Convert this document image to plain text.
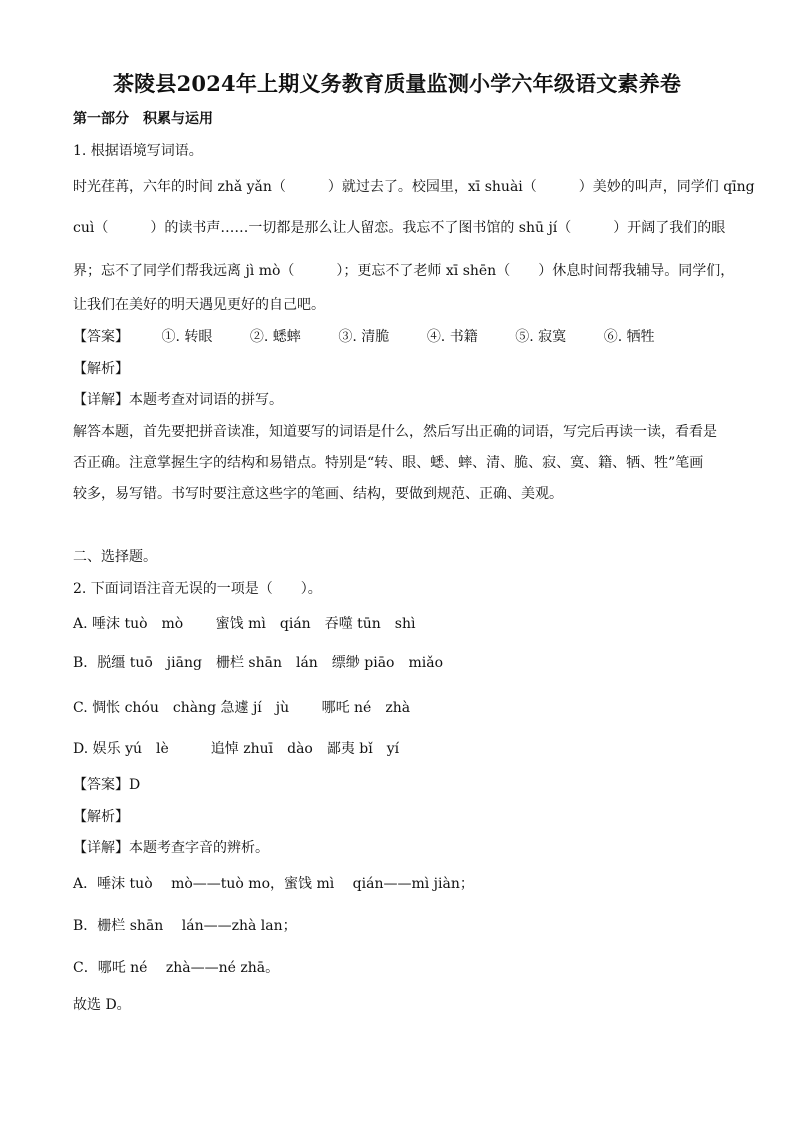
茶陵县2024年上期义务教育质量监测小学六年级语文素养卷
第一部分　积累与运用
1. 根据语境写词语。
时光荏苒，六年的时间 zhǎ yǎn（　　　）就过去了。校园里，xī shuài（　　　）美妙的叫声，同学们 qīng
cuì（　　　）的读书声……一切都是那么让人留恋。我忘不了图书馆的 shū jí（　　　）开阔了我们的眼
界；忘不了同学们帮我远离 jì mò（　　　）；更忘不了老师 xī shēn（　　）休息时间帮我辅导。同学们，
让我们在美好的明天遇见更好的自己吧。
【答案】 ①. 转眼	②. 蟋蟀	③. 清脆	④. 书籍	⑤. 寂寞	⑥. 牺牲
【解析】
【详解】本题考查对词语的拼写。
解答本题，首先要把拼音读准，知道要写的词语是什么，然后写出正确的词语，写完后再读一读，看看是
否正确。注意掌握生字的结构和易错点。特别是“转、眼、蟋、蟀、清、脆、寂、寞、籍、牺、牲”笔画
较多，易写错。书写时要注意这些字的笔画、结构，要做到规范、正确、美观。
二、选择题。
2. 下面词语注音无误的一项是（　　）。
A. 唾沫 tuò　mò　　 蜜饯 mì　qián　吞噬 tūn　shì
B．脱缰 tuō　jiāng　栅栏 shān　lán　缥缈 piāo　miǎo
C. 惆怅 chóu　chàng 急遽 jí　jù　　 哪吒 né　zhà
D. 娱乐 yú　lè　　　追悼 zhuī　dào　鄙夷 bǐ　yí
【答案】D
【解析】
【详解】本题考查字音的辨析。
A．唾沫 tuò　 mò——tuò mo，蜜饯 mì　 qián——mì jiàn；
B．栅栏 shān　 lán——zhà lan；
C．哪吒 né　 zhà——né zhā。
故选 D。
